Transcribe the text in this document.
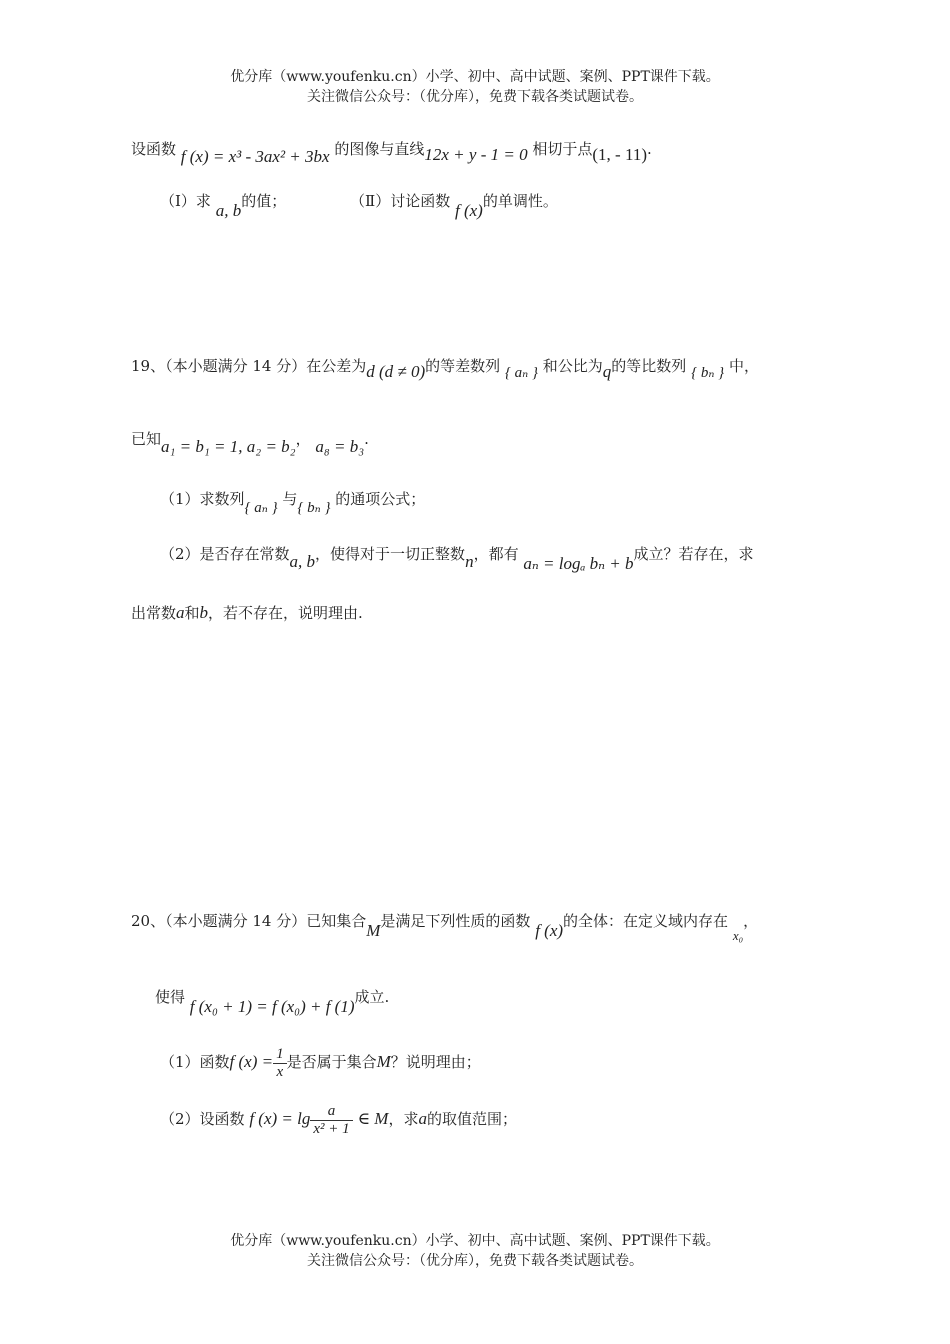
优分库（www.youfenku.cn）小学、初中、高中试题、案例、PPT课件下载。
关注微信公众号：（优分库），免费下载各类试题试卷。
设函数 f (x) = x³ - 3ax² + 3bx 的图像与直线12x + y - 1 = 0 相切于点(1, - 11).
（Ⅰ）求 a, b的值；	（Ⅱ）讨论函数 f (x)的单调性。
19、（本小题满分 14 分）在公差为d (d ≠ 0)的等差数列 { aₙ } 和公比为q的等比数列 { bₙ } 中，
已知a₁ = b₁ = 1, a₂ = b₂， a₈ = b₃.
（1）求数列{ aₙ } 与{ bₙ } 的通项公式；
（2）是否存在常数a, b，使得对于一切正整数n，都有 aₙ = logₐ bₙ + b成立？若存在，求
出常数a和b，若不存在，说明理由.
20、（本小题满分 14 分）已知集合M是满足下列性质的函数 f (x)的全体：在定义域内存在 x₀，
使得 f (x₀ + 1) = f (x₀) + f (1)成立.
（1）函数f $(x) = \frac{1}{x}$ 是否属于集合M？说明理由；
（2）设函数 f $(x) = \lg \frac{a}{\text{x² + 1}}$ ∈ M，求a的取值范围；
优分库（www.youfenku.cn）小学、初中、高中试题、案例、PPT课件下载。
关注微信公众号：（优分库），免费下载各类试题试卷。
